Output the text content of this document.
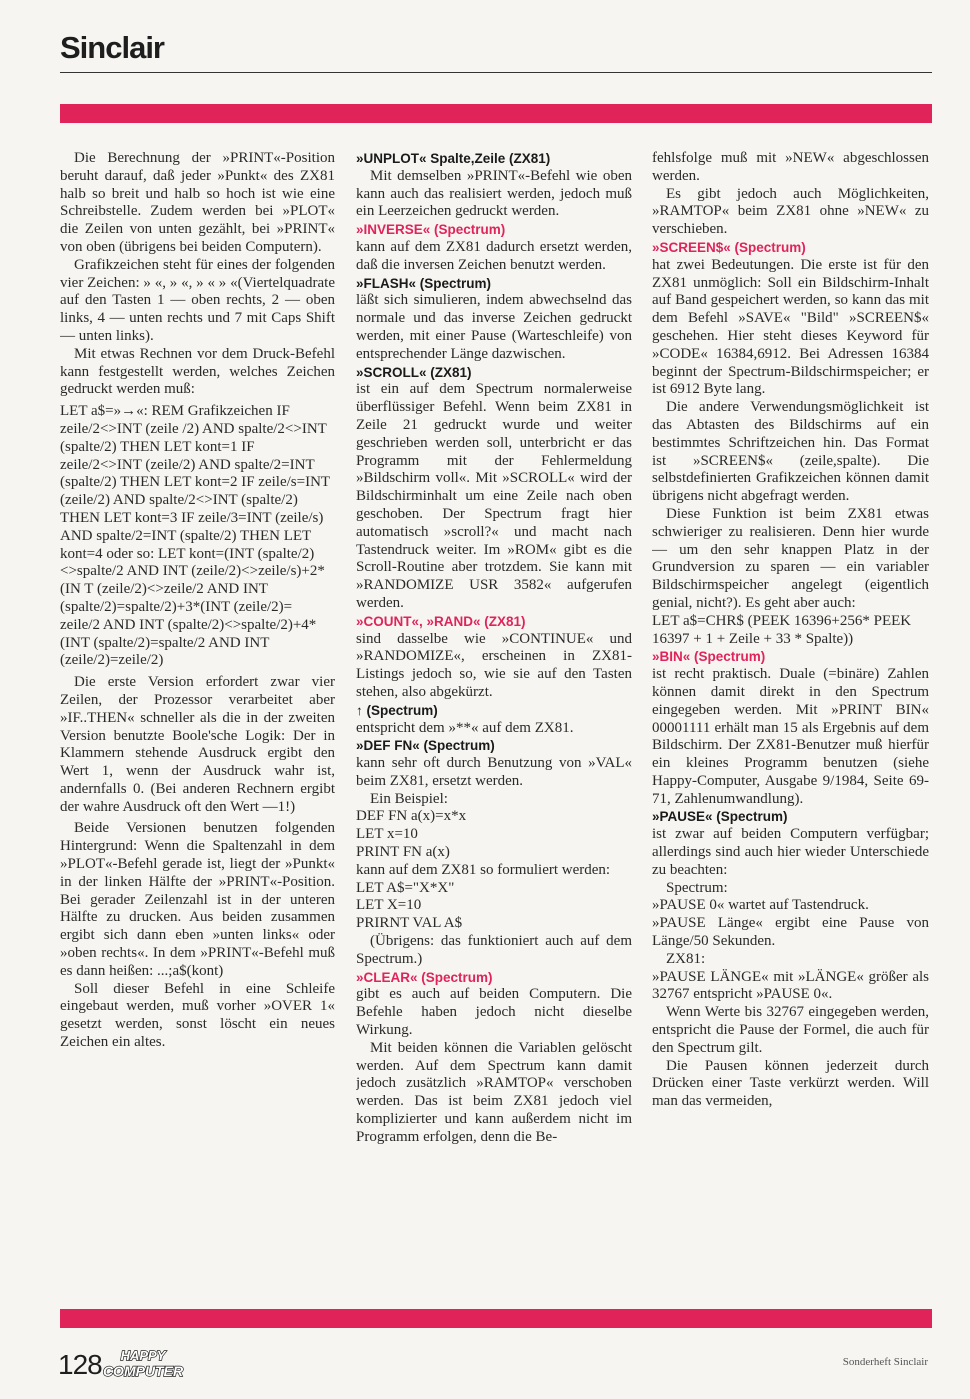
Sinclair

Die Berechnung der »PRINT«-Position beruht darauf, daß jeder »Punkt« des ZX81 halb so breit und halb so hoch ist wie eine Schreibstelle. Zudem werden bei »PLOT« die Zeilen von unten gezählt, bei »PRINT« von oben (übrigens bei beiden Computern).

Grafikzeichen steht für eines der folgenden vier Zeichen: » «, » «, » « » «(Viertelquadrate auf den Tasten 1 — oben rechts, 2 — oben links, 4 — unten rechts und 7 mit Caps Shift — unten links).

Mit etwas Rechnen vor dem Druck-Befehl kann festgestellt werden, welches Zeichen gedruckt werden muß:

LET a$=»→«: REM Grafikzeichen IF zeile/2<>INT (zeile /2) AND spalte/2<>INT (spalte/2) THEN LET kont=1 IF zeile/2<>INT (zeile/2) AND spalte/2=INT (spalte/2) THEN LET kont=2 IF zeile/s=INT (zeile/2) AND spalte/2<>INT (spalte/2) THEN LET kont=3 IF zeile/3=INT (zeile/s) AND spalte/2=INT (spalte/2) THEN LET kont=4 oder so: LET kont=(INT (spalte/2)<>spalte/2 AND INT (zeile/2)<>zeile/s)+2*(IN T (zeile/2)<>zeile/2 AND INT (spalte/2)=spalte/2)+3*(INT (zeile/2)= zeile/2 AND INT (spalte/2)<>spalte/2)+4*(INT (spalte/2)=spalte/2 AND INT (zeile/2)=zeile/2)

Die erste Version erfordert zwar vier Zeilen, der Prozessor verarbeitet aber »IF..THEN« schneller als die in der zweiten Version benutzte Boole'sche Logik: Der in Klammern stehende Ausdruck ergibt den Wert 1, wenn der Ausdruck wahr ist, andernfalls 0. (Bei anderen Rechnern ergibt der wahre Ausdruck oft den Wert —1!)

Beide Versionen benutzen folgenden Hintergrund: Wenn die Spaltenzahl in dem »PLOT«-Befehl gerade ist, liegt der »Punkt« in der linken Hälfte der »PRINT«-Position. Bei gerader Zeilenzahl ist in der unteren Hälfte zu drucken. Aus beiden zusammen ergibt sich dann eben »unten links« oder »oben rechts«. In dem »PRINT«-Befehl muß es dann heißen: ...;a$(kont)

Soll dieser Befehl in eine Schleife eingebaut werden, muß vorher »OVER 1« gesetzt werden, sonst löscht ein neues Zeichen ein altes.

»UNPLOT« Spalte,Zeile (ZX81)

Mit demselben »PRINT«-Befehl wie oben kann auch das realisiert werden, jedoch muß ein Leerzeichen gedruckt werden.

»INVERSE« (Spectrum)

kann auf dem ZX81 dadurch ersetzt werden, daß die inversen Zeichen benutzt werden.

»FLASH« (Spectrum)

läßt sich simulieren, indem abwechselnd das normale und das inverse Zeichen gedruckt werden, mit einer Pause (Warteschleife) von entsprechender Länge dazwischen.

»SCROLL« (ZX81)

ist ein auf dem Spectrum normalerweise überflüssiger Befehl. Wenn beim ZX81 in Zeile 21 gedruckt wurde und weiter geschrieben werden soll, unterbricht er das Programm mit der Fehlermeldung »Bildschirm voll«. Mit »SCROLL« wird der Bildschirminhalt um eine Zeile nach oben geschoben. Der Spectrum fragt hier automatisch »scroll?« und macht nach Tastendruck weiter. Im »ROM« gibt es die Scroll-Routine aber trotzdem. Sie kann mit »RANDOMIZE USR 3582« aufgerufen werden.

»COUNT«, »RAND« (ZX81)

sind dasselbe wie »CONTINUE« und »RANDOMIZE«, erscheinen in ZX81-Listings jedoch so, wie sie auf den Tasten stehen, also abgekürzt.

↑ (Spectrum)

entspricht dem »**« auf dem ZX81.

»DEF FN« (Spectrum)

kann sehr oft durch Benutzung von »VAL« beim ZX81, ersetzt werden.

Ein Beispiel:

DEF FN a(x)=x*x

LET x=10

PRINT FN a(x)

kann auf dem ZX81 so formuliert werden:

LET A$="X*X"

LET X=10

PRIRNT VAL A$

(Übrigens: das funktioniert auch auf dem Spectrum.)

»CLEAR« (Spectrum)

gibt es auch auf beiden Computern. Die Befehle haben jedoch nicht dieselbe Wirkung.

Mit beiden können die Variablen gelöscht werden. Auf dem Spectrum kann damit jedoch zusätzlich »RAMTOP« verschoben werden. Das ist beim ZX81 jedoch viel komplizierter und kann außerdem nicht im Programm erfolgen, denn die Be-

fehlsfolge muß mit »NEW« abgeschlossen werden.

Es gibt jedoch auch Möglichkeiten, »RAMTOP« beim ZX81 ohne »NEW« zu verschieben.

»SCREEN$« (Spectrum)

hat zwei Bedeutungen. Die erste ist für den ZX81 unmöglich: Soll ein Bildschirm-Inhalt auf Band gespeichert werden, so kann das mit dem Befehl »SAVE« "Bild" »SCREEN$« geschehen. Hier steht dieses Keyword für »CODE« 16384,6912. Bei Adressen 16384 beginnt der Spectrum-Bildschirmspeicher; er ist 6912 Byte lang.

Die andere Verwendungsmöglichkeit ist das Abtasten des Bildschirms auf ein bestimmtes Schriftzeichen hin. Das Format ist »SCREEN$« (zeile,spalte). Die selbstdefinierten Grafikzeichen können damit übrigens nicht abgefragt werden.

Diese Funktion ist beim ZX81 etwas schwieriger zu realisieren. Denn hier wurde — um den sehr knappen Platz in der Grundversion zu sparen — ein variabler Bildschirmspeicher angelegt (eigentlich genial, nicht?). Es geht aber auch:

LET a$=CHR$ (PEEK 16396+256* PEEK 16397 + 1 + Zeile + 33 * Spalte))

»BIN« (Spectrum)

ist recht praktisch. Duale (=binäre) Zahlen können damit direkt in den Spectrum eingegeben werden. Mit »PRINT BIN« 00001111 erhält man 15 als Ergebnis auf dem Bildschirm. Der ZX81-Benutzer muß hierfür ein kleines Programm benutzen (siehe Happy-Computer, Ausgabe 9/1984, Seite 69-71, Zahlenumwandlung).

»PAUSE« (Spectrum)

ist zwar auf beiden Computern verfügbar; allerdings sind auch hier wieder Unterschiede zu beachten:

Spectrum:

»PAUSE 0« wartet auf Tastendruck.

»PAUSE Länge« ergibt eine Pause von Länge/50 Sekunden.

ZX81:

»PAUSE LÄNGE« mit »LÄNGE« größer als 32767 entspricht »PAUSE 0«.

Wenn Werte bis 32767 eingegeben werden, entspricht die Pause der Formel, die auch für den Spectrum gilt.

Die Pausen können jederzeit durch Drücken einer Taste verkürzt werden. Will man das vermeiden,

128 HAPPY
COMPUTER
Sonderheft Sinclair
